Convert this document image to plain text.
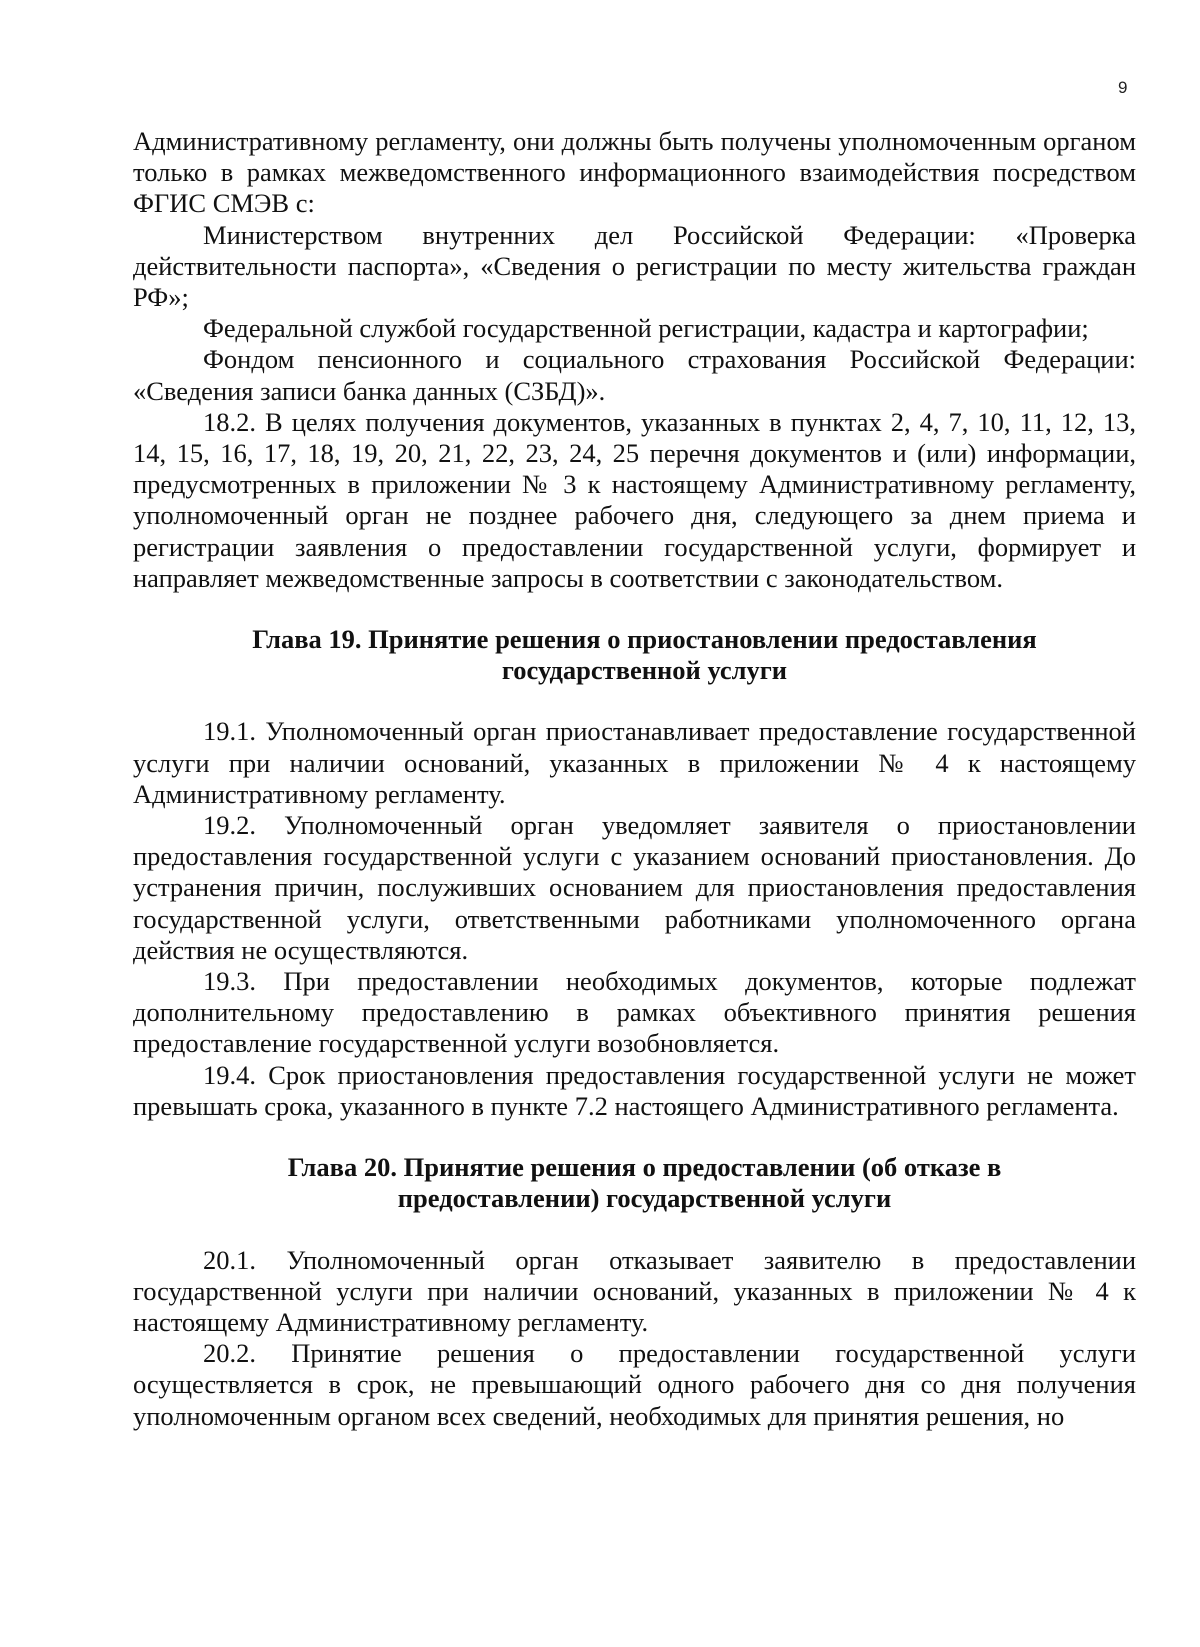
9

Административному регламенту, они должны быть получены уполномоченным органом только в рамках межведомственного информационного взаимодействия посредством ФГИС СМЭВ с:

Министерством внутренних дел Российской Федерации: «Проверка действительности паспорта», «Сведения о регистрации по месту жительства граждан РФ»;

Федеральной службой государственной регистрации, кадастра и картографии;

Фондом пенсионного и социального страхования Российской Федерации: «Сведения записи банка данных (СЗБД)».

18.2. В целях получения документов, указанных в пунктах 2, 4, 7, 10, 11, 12, 13, 14, 15, 16, 17, 18, 19, 20, 21, 22, 23, 24, 25 перечня документов и (или) информации, предусмотренных в приложении № 3 к настоящему Административному регламенту, уполномоченный орган не позднее рабочего дня, следующего за днем приема и регистрации заявления о предоставлении государственной услуги, формирует и направляет межведомственные запросы в соответствии с законодательством.

Глава 19. Принятие решения о приостановлении предоставления государственной услуги

19.1. Уполномоченный орган приостанавливает предоставление государственной услуги при наличии оснований, указанных в приложении № 4 к настоящему Административному регламенту.

19.2. Уполномоченный орган уведомляет заявителя о приостановлении предоставления государственной услуги с указанием оснований приостановления. До устранения причин, послуживших основанием для приостановления предоставления государственной услуги, ответственными работниками уполномоченного органа действия не осуществляются.

19.3. При предоставлении необходимых документов, которые подлежат дополнительному предоставлению в рамках объективного принятия решения предоставление государственной услуги возобновляется.

19.4. Срок приостановления предоставления государственной услуги не может превышать срока, указанного в пункте 7.2 настоящего Административного регламента.

Глава 20. Принятие решения о предоставлении (об отказе в предоставлении) государственной услуги

20.1. Уполномоченный орган отказывает заявителю в предоставлении государственной услуги при наличии оснований, указанных в приложении № 4 к настоящему Административному регламенту.

20.2. Принятие решения о предоставлении государственной услуги осуществляется в срок, не превышающий одного рабочего дня со дня получения уполномоченным органом всех сведений, необходимых для принятия решения, но
